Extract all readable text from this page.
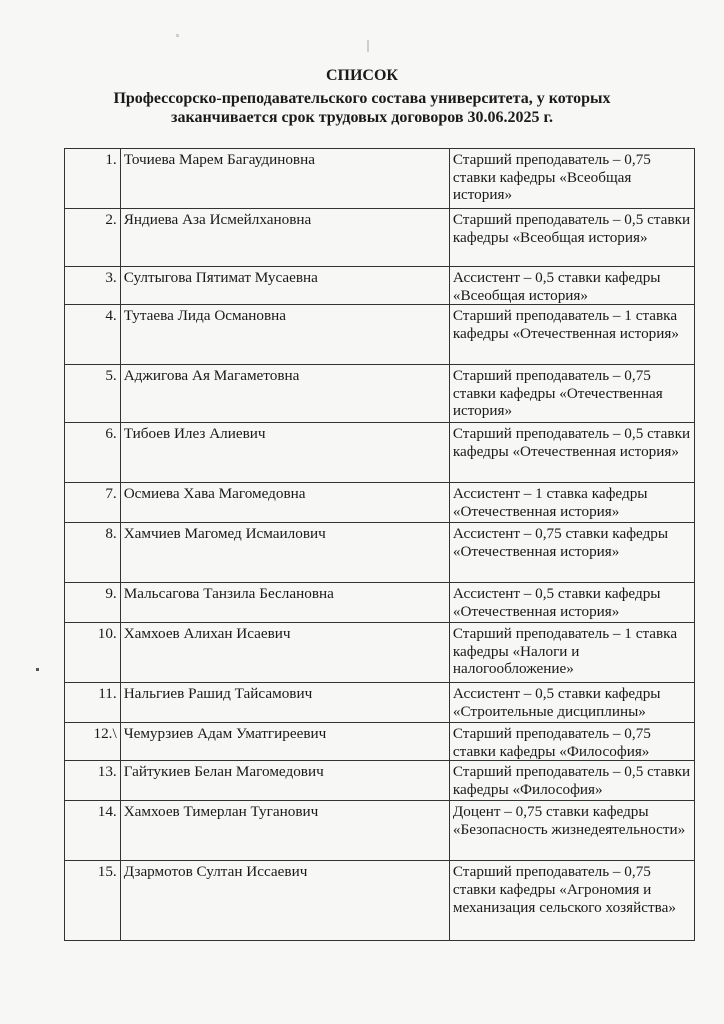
СПИСОК
Профессорско-преподавательского состава университета, у которых
заканчивается срок трудовых договоров 30.06.2025 г.
1.	Точиева Марем Багаудиновна	Старший преподаватель – 0,75 ставки кафедры «Всеобщая история»
2.	Яндиева Аза Исмейлхановна	Старший преподаватель – 0,5 ставки кафедры «Всеобщая история»
3.	Султыгова Пятимат Мусаевна	Ассистент – 0,5 ставки кафедры «Всеобщая история»
4.	Тутаева Лида Османовна	Старший преподаватель – 1 ставка кафедры «Отечественная история»
5.	Аджигова Ая Магаметовна	Старший преподаватель – 0,75 ставки кафедры «Отечественная история»
6.	Тибоев Илез Алиевич	Старший преподаватель – 0,5 ставки кафедры «Отечественная история»
7.	Осмиева Хава Магомедовна	Ассистент – 1 ставка кафедры «Отечественная история»
8.	Хамчиев Магомед Исмаилович	Ассистент – 0,75 ставки кафедры «Отечественная история»
9.	Мальсагова Танзила Беслановна	Ассистент – 0,5 ставки кафедры «Отечественная история»
10.	Хамхоев Алихан Исаевич	Старший преподаватель – 1 ставка кафедры «Налоги и налогообложение»
11.	Нальгиев Рашид Тайсамович	Ассистент – 0,5 ставки кафедры «Строительные дисциплины»
12.\	Чемурзиев Адам Уматгиреевич	Старший преподаватель – 0,75 ставки кафедры «Философия»
13.	Гайтукиев Белан Магомедович	Старший преподаватель – 0,5 ставки кафедры «Философия»
14.	Хамхоев Тимерлан Туганович	Доцент – 0,75 ставки кафедры «Безопасность жизнедеятельности»
15.	Дзармотов Султан Иссаевич	Старший преподаватель – 0,75 ставки кафедры «Агрономия и механизация сельского хозяйства»
